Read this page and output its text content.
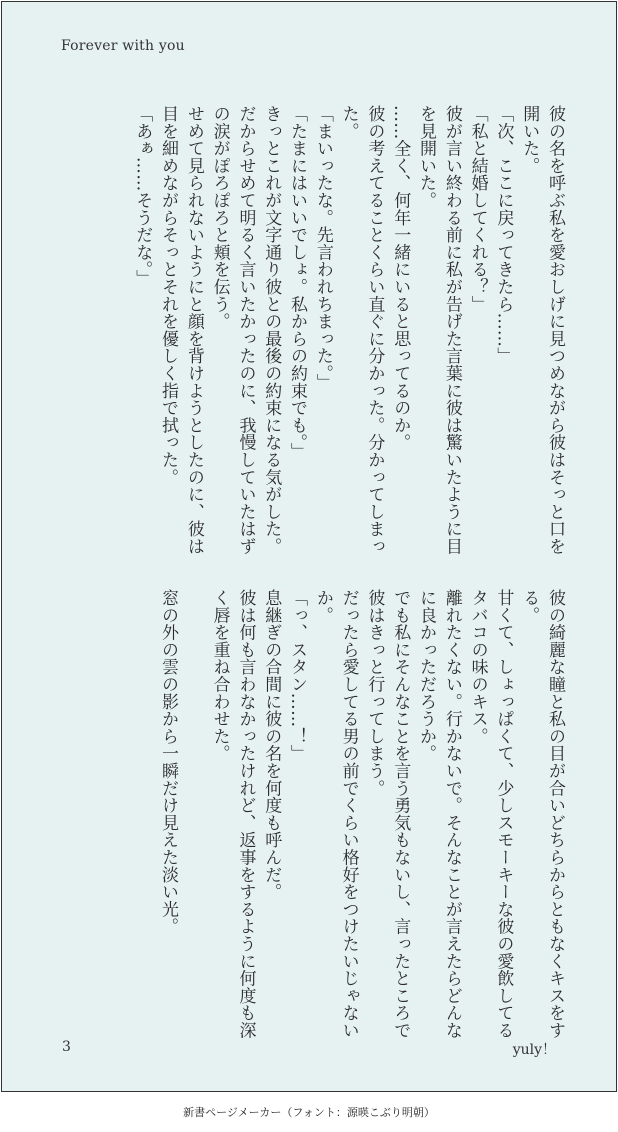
Forever with you
彼の名を呼ぶ私を愛おしげに見つめながら彼はそっと口を開いた。
「次、ここに戻ってきたら……」
「私と結婚してくれる？」
彼が言い終わる前に私が告げた言葉に彼は驚いたように目を見開いた。
……全く、何年一緒にいると思ってるのか。
彼の考えてることくらい直ぐに分かった。分かってしまった。
「まいったな。先言われちまった。」
「たまにはいいでしょ。私からの約束でも。」
きっとこれが文字通り彼との最後の約束になる気がした。だからせめて明るく言いたかったのに、我慢していたはずの涙がぽろぽろと頬を伝う。
せめて見られないようにと顔を背けようとしたのに、彼は目を細めながらそっとそれを優しく指で拭った。
「あぁ……そうだな。」
彼の綺麗な瞳と私の目が合いどちらからともなくキスをする。
甘くて、しょっぱくて、少しスモーキーな彼の愛飲してるタバコの味のキス。
離れたくない。行かないで。そんなことが言えたらどんなに良かっただろうか。
でも私にそんなことを言う勇気もないし、言ったところで彼はきっと行ってしまう。
だったら愛してる男の前でくらい格好をつけたいじゃないか。
「っ、スタン……！」
息継ぎの合間に彼の名を何度も呼んだ。
彼は何も言わなかったけれど、返事をするように何度も深く唇を重ね合わせた。

窓の外の雲の影から一瞬だけ見えた淡い光。
3	yuly！
新書ページメーカー（フォント：源暎こぶり明朝）
